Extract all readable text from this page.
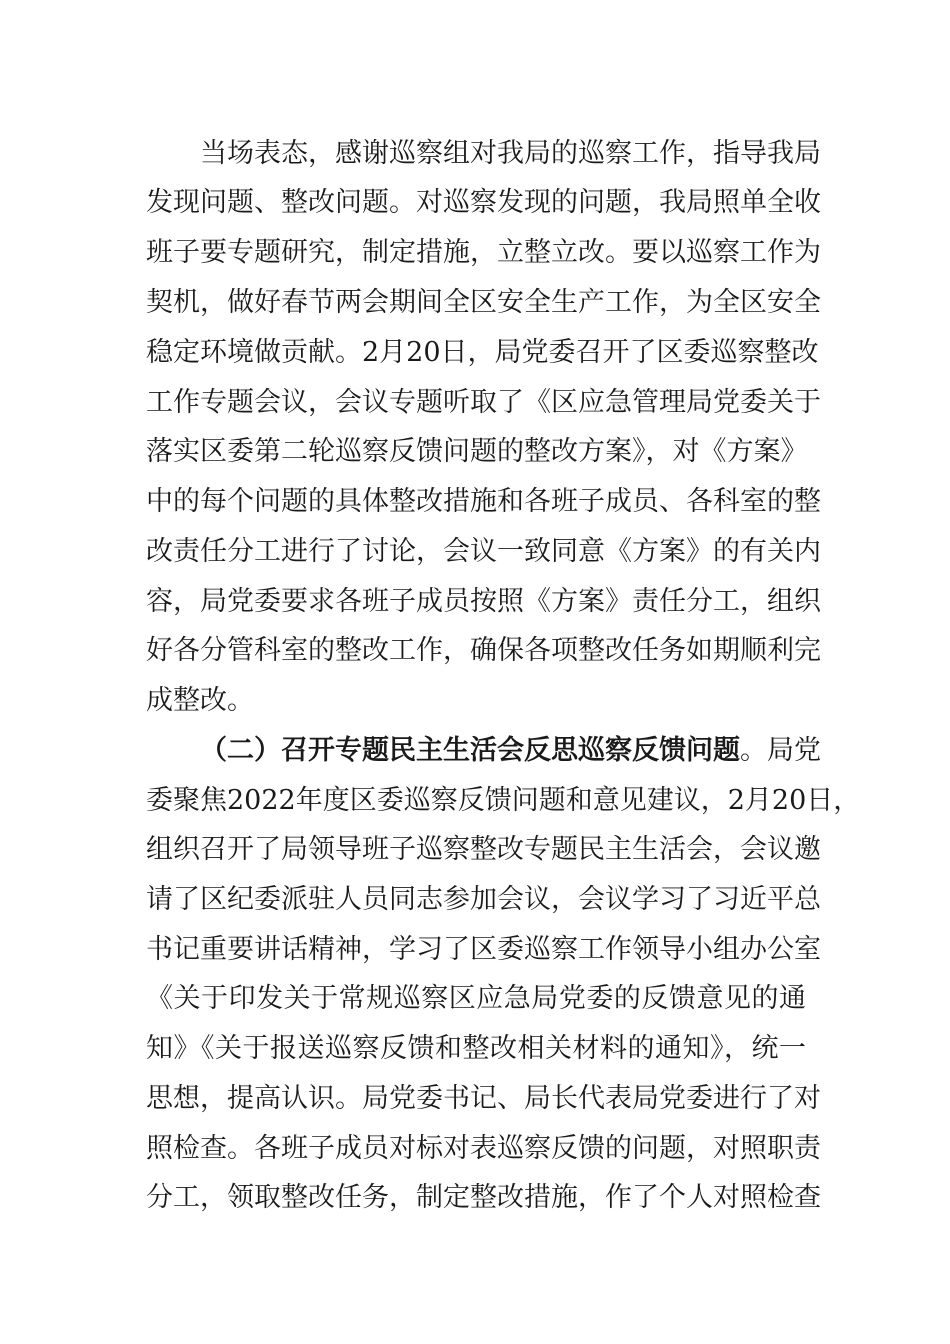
当场表态，感谢巡察组对我局的巡察工作，指导我局
发现问题、整改问题。对巡察发现的问题，我局照单全收
班子要专题研究，制定措施，立整立改。要以巡察工作为
契机，做好春节两会期间全区安全生产工作，为全区安全
稳定环境做贡献。2月20日，局党委召开了区委巡察整改
工作专题会议，会议专题听取了《区应急管理局党委关于
落实区委第二轮巡察反馈问题的整改方案》，对《方案》
中的每个问题的具体整改措施和各班子成员、各科室的整
改责任分工进行了讨论，会议一致同意《方案》的有关内
容，局党委要求各班子成员按照《方案》责任分工，组织
好各分管科室的整改工作，确保各项整改任务如期顺利完
成整改。
（二）召开专题民主生活会反思巡察反馈问题。局党
委聚焦2022年度区委巡察反馈问题和意见建议，2月20日，
组织召开了局领导班子巡察整改专题民主生活会，会议邀
请了区纪委派驻人员同志参加会议，会议学习了习近平总
书记重要讲话精神，学习了区委巡察工作领导小组办公室
《关于印发关于常规巡察区应急局党委的反馈意见的通
知》《关于报送巡察反馈和整改相关材料的通知》，统一
思想，提高认识。局党委书记、局长代表局党委进行了对
照检查。各班子成员对标对表巡察反馈的问题，对照职责
分工，领取整改任务，制定整改措施，作了个人对照检查
